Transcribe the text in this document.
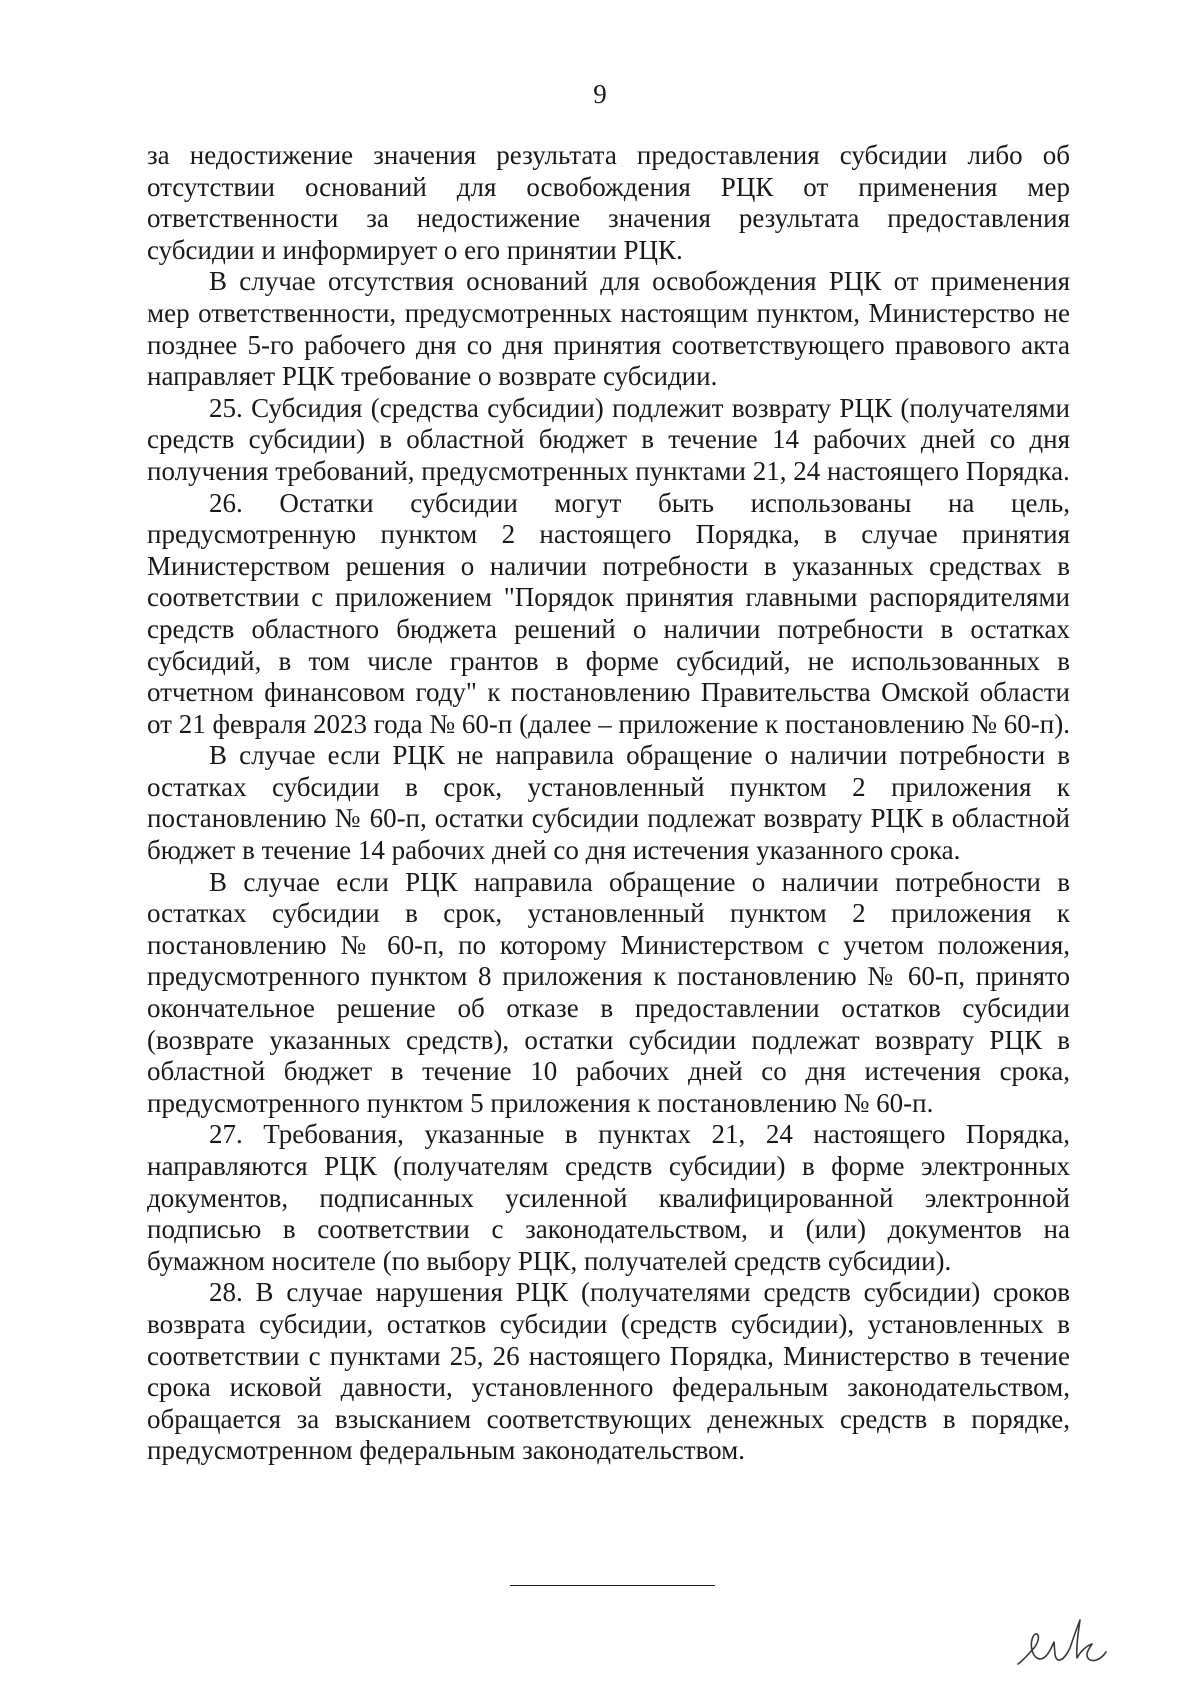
9

за недостижение значения результата предоставления субсидии либо об отсутствии оснований для освобождения РЦК от применения мер ответственности за недостижение значения результата предоставления субсидии и информирует о его принятии РЦК.

В случае отсутствия оснований для освобождения РЦК от применения мер ответственности, предусмотренных настоящим пунктом, Министерство не позднее 5-го рабочего дня со дня принятия соответствующего правового акта направляет РЦК требование о возврате субсидии.

25. Субсидия (средства субсидии) подлежит возврату РЦК (получателями средств субсидии) в областной бюджет в течение 14 рабочих дней со дня получения требований, предусмотренных пунктами 21, 24 настоящего Порядка.

26. Остатки субсидии могут быть использованы на цель, предусмотренную пунктом 2 настоящего Порядка, в случае принятия Министерством решения о наличии потребности в указанных средствах в соответствии с приложением "Порядок принятия главными распорядителями средств областного бюджета решений о наличии потребности в остатках субсидий, в том числе грантов в форме субсидий, не использованных в отчетном финансовом году" к постановлению Правительства Омской области от 21 февраля 2023 года № 60-п (далее – приложение к постановлению № 60-п).

В случае если РЦК не направила обращение о наличии потребности в остатках субсидии в срок, установленный пунктом 2 приложения к постановлению № 60-п, остатки субсидии подлежат возврату РЦК в областной бюджет в течение 14 рабочих дней со дня истечения указанного срока.

В случае если РЦК направила обращение о наличии потребности в остатках субсидии в срок, установленный пунктом 2 приложения к постановлению № 60-п, по которому Министерством с учетом положения, предусмотренного пунктом 8 приложения к постановлению № 60-п, принято окончательное решение об отказе в предоставлении остатков субсидии (возврате указанных средств), остатки субсидии подлежат возврату РЦК в областной бюджет в течение 10 рабочих дней со дня истечения срока, предусмотренного пунктом 5 приложения к постановлению № 60-п.

27. Требования, указанные в пунктах 21, 24 настоящего Порядка, направляются РЦК (получателям средств субсидии) в форме электронных документов, подписанных усиленной квалифицированной электронной подписью в соответствии с законодательством, и (или) документов на бумажном носителе (по выбору РЦК, получателей средств субсидии).

28. В случае нарушения РЦК (получателями средств субсидии) сроков возврата субсидии, остатков субсидии (средств субсидии), установленных в соответствии с пунктами 25, 26 настоящего Порядка, Министерство в течение срока исковой давности, установленного федеральным законодательством, обращается за взысканием соответствующих денежных средств в порядке, предусмотренном федеральным законодательством.
